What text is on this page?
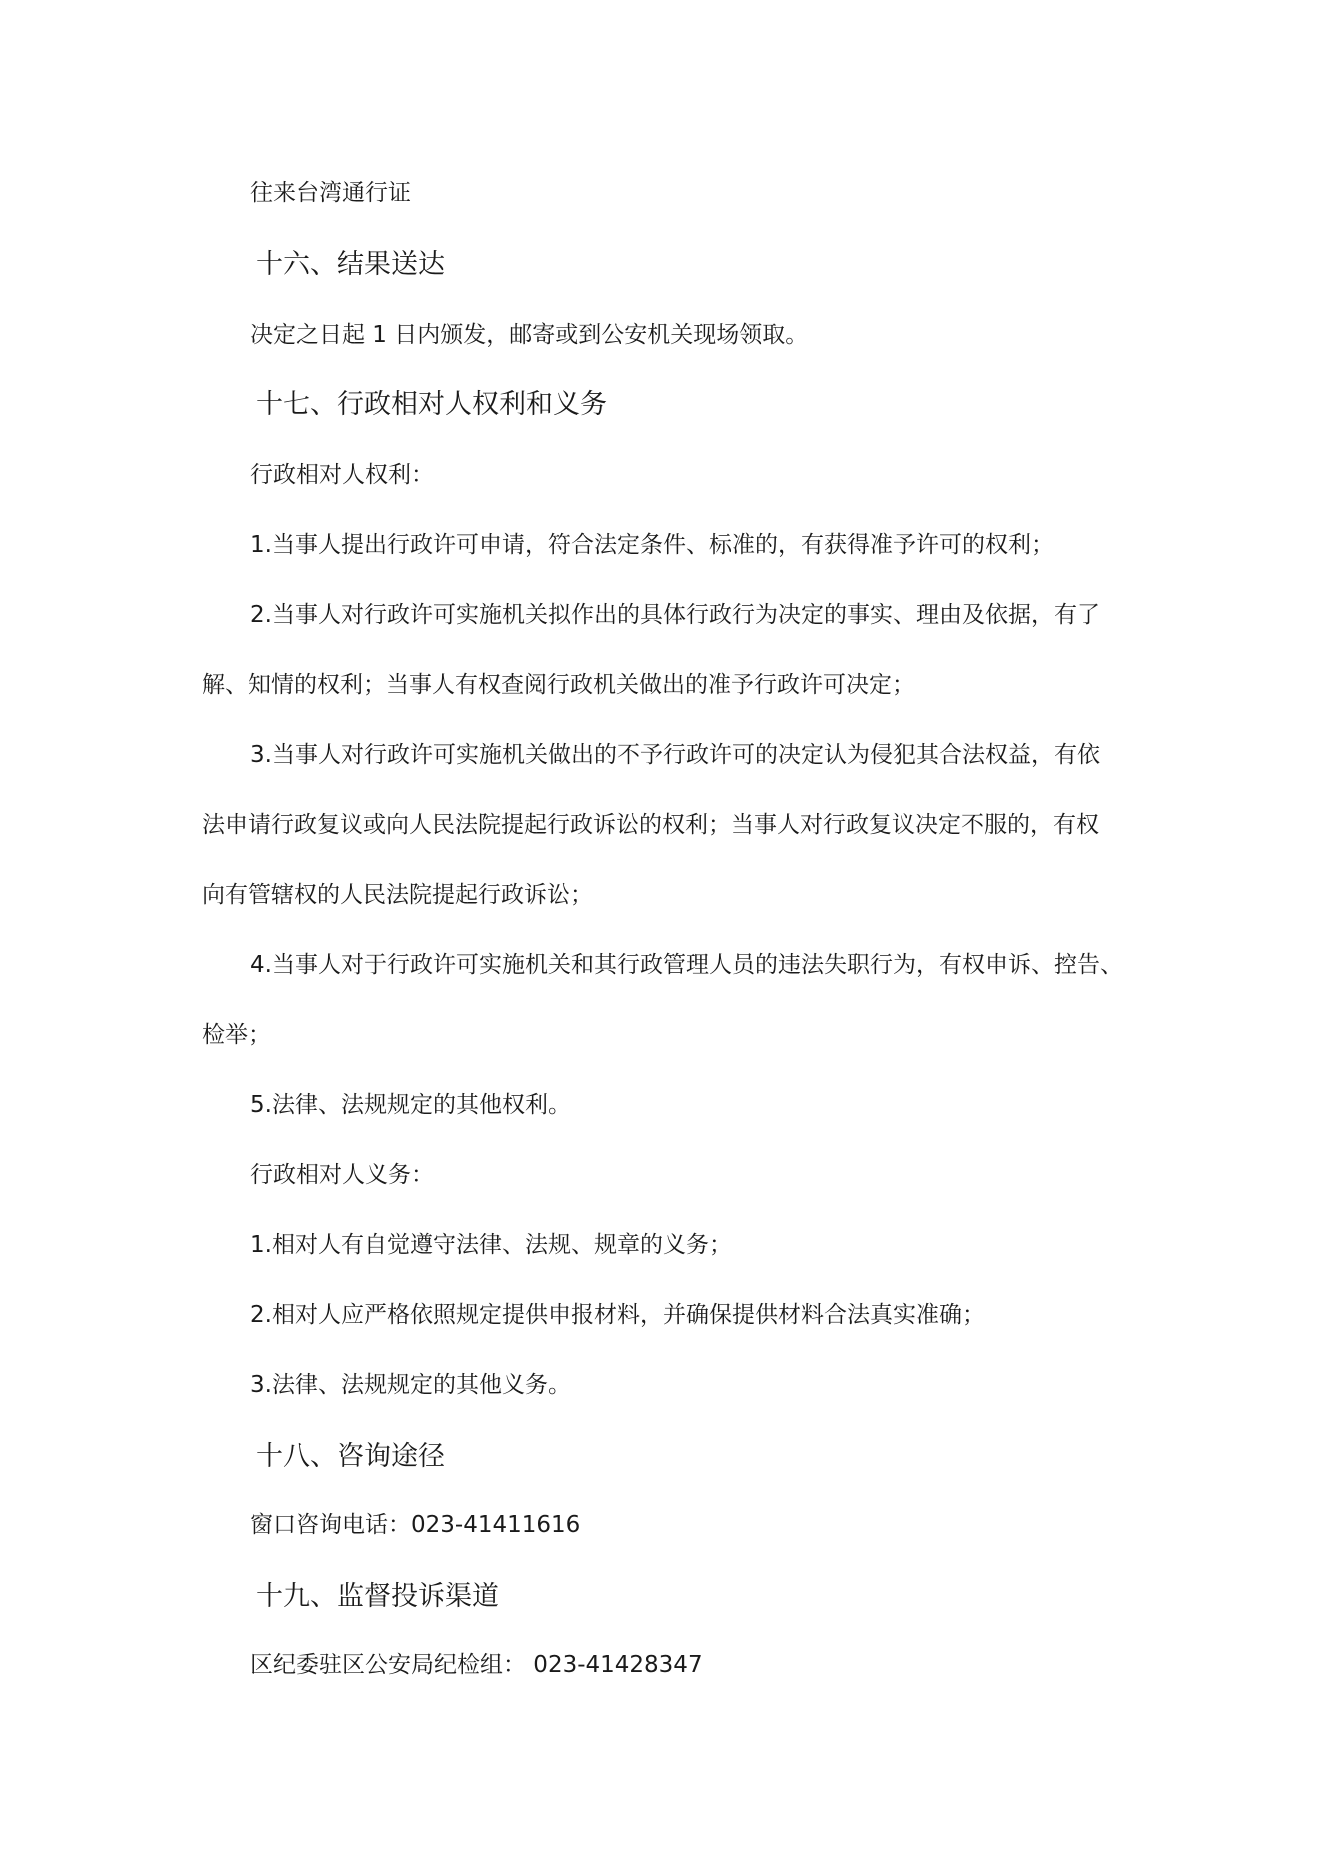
往来台湾通行证
十六、结果送达
决定之日起 1 日内颁发，邮寄或到公安机关现场领取。
十七、行政相对人权利和义务
行政相对人权利：
1.当事人提出行政许可申请，符合法定条件、标准的，有获得准予许可的权利；
2.当事人对行政许可实施机关拟作出的具体行政行为决定的事实、理由及依据，有了
解、知情的权利；当事人有权查阅行政机关做出的准予行政许可决定；
3.当事人对行政许可实施机关做出的不予行政许可的决定认为侵犯其合法权益，有依
法申请行政复议或向人民法院提起行政诉讼的权利；当事人对行政复议决定不服的，有权
向有管辖权的人民法院提起行政诉讼；
4.当事人对于行政许可实施机关和其行政管理人员的违法失职行为，有权申诉、控告、
检举；
5.法律、法规规定的其他权利。
行政相对人义务：
1.相对人有自觉遵守法律、法规、规章的义务；
2.相对人应严格依照规定提供申报材料，并确保提供材料合法真实准确；
3.法律、法规规定的其他义务。
十八、咨询途径
窗口咨询电话：023-41411616
十九、监督投诉渠道
区纪委驻区公安局纪检组： 023-41428347
